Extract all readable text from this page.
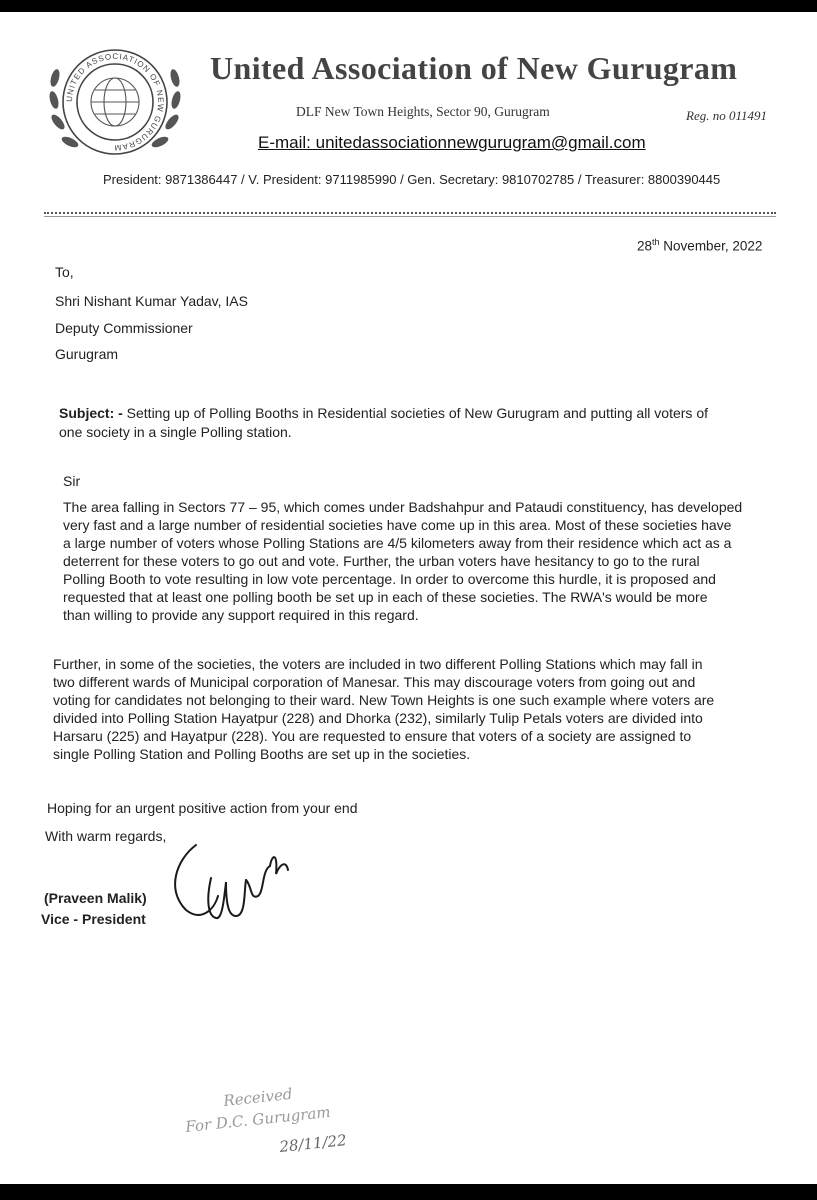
UNITED ASSOCIATION OF NEW GURUGRAM
United Association of New Gurugram
DLF New Town Heights, Sector 90, Gurugram	Reg. no 011491
E-mail: unitedassociationnewgurugram@gmail.com
President: 9871386447 / V. President: 9711985990 / Gen. Secretary: 9810702785 / Treasurer: 8800390445
28th November, 2022
To,
Shri Nishant Kumar Yadav, IAS
Deputy Commissioner
Gurugram
Subject: - Setting up of Polling Booths in Residential societies of New Gurugram and putting all voters of
one society in a single Polling station.
Sir
The area falling in Sectors 77 – 95, which comes under Badshahpur and Pataudi constituency, has developed
very fast and a large number of residential societies have come up in this area. Most of these societies have
a large number of voters whose Polling Stations are 4/5 kilometers away from their residence which act as a
deterrent for these voters to go out and vote. Further, the urban voters have hesitancy to go to the rural
Polling Booth to vote resulting in low vote percentage. In order to overcome this hurdle, it is proposed and
requested that at least one polling booth be set up in each of these societies. The RWA's would be more
than willing to provide any support required in this regard.
Further, in some of the societies, the voters are included in two different Polling Stations which may fall in
two different wards of Municipal corporation of Manesar. This may discourage voters from going out and
voting for candidates not belonging to their ward. New Town Heights is one such example where voters are
divided into Polling Station Hayatpur (228) and Dhorka (232), similarly Tulip Petals voters are divided into
Harsaru (225) and Hayatpur (228). You are requested to ensure that voters of a society are assigned to
single Polling Station and Polling Booths are set up in the societies.
Hoping for an urgent positive action from your end
With warm regards,
(Praveen Malik)
Vice - President
Received
For D.C. Gurugram
28/11/22
